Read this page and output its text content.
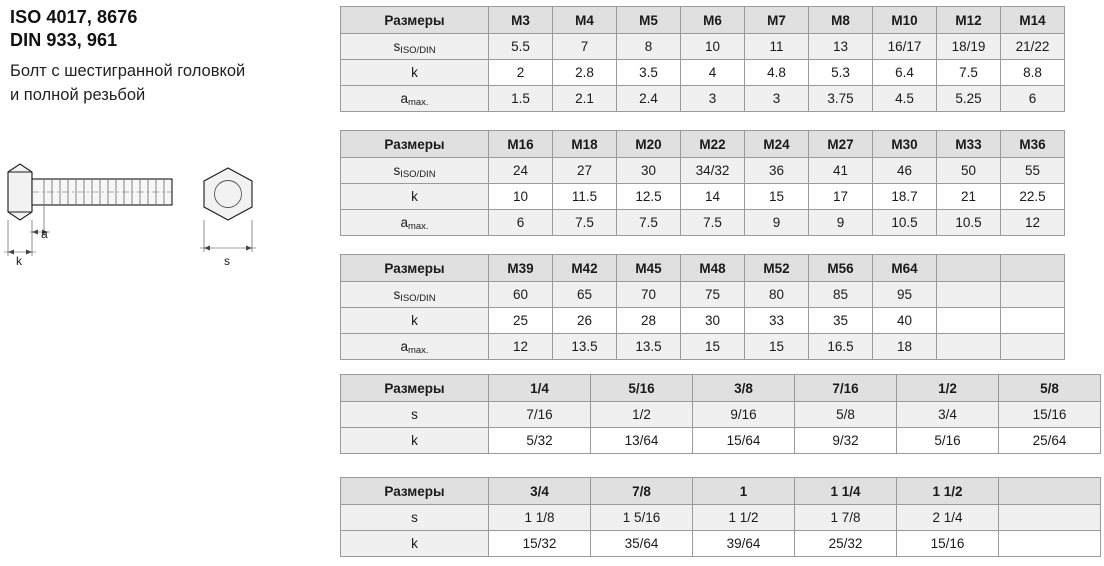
ISO 4017, 8676
DIN 933, 961
Болт с шестигранной головкой
и полной резьбой
a
k	s
Размеры	M3	M4	M5	M6	M7	M8	M10	M12	M14
sISO/DIN	5.5	7	8	10	11	13	16/17	18/19	21/22
k	2	2.8	3.5	4	4.8	5.3	6.4	7.5	8.8
amax.	1.5	2.1	2.4	3	3	3.75	4.5	5.25	6
Размеры	M16	M18	M20	M22	M24	M27	M30	M33	M36
sISO/DIN	24	27	30	34/32	36	41	46	50	55
k	10	11.5	12.5	14	15	17	18.7	21	22.5
amax.	6	7.5	7.5	7.5	9	9	10.5	10.5	12
Размеры	M39	M42	M45	M48	M52	M56	M64		
sISO/DIN	60	65	70	75	80	85	95		
k	25	26	28	30	33	35	40		
amax.	12	13.5	13.5	15	15	16.5	18		
Размеры	1/4	5/16	3/8	7/16	1/2	5/8
s	7/16	1/2	9/16	5/8	3/4	15/16
k	5/32	13/64	15/64	9/32	5/16	25/64
Размеры	3/4	7/8	1	1 1/4	1 1/2	
s	1 1/8	1 5/16	1 1/2	1 7/8	2 1/4	
k	15/32	35/64	39/64	25/32	15/16	
